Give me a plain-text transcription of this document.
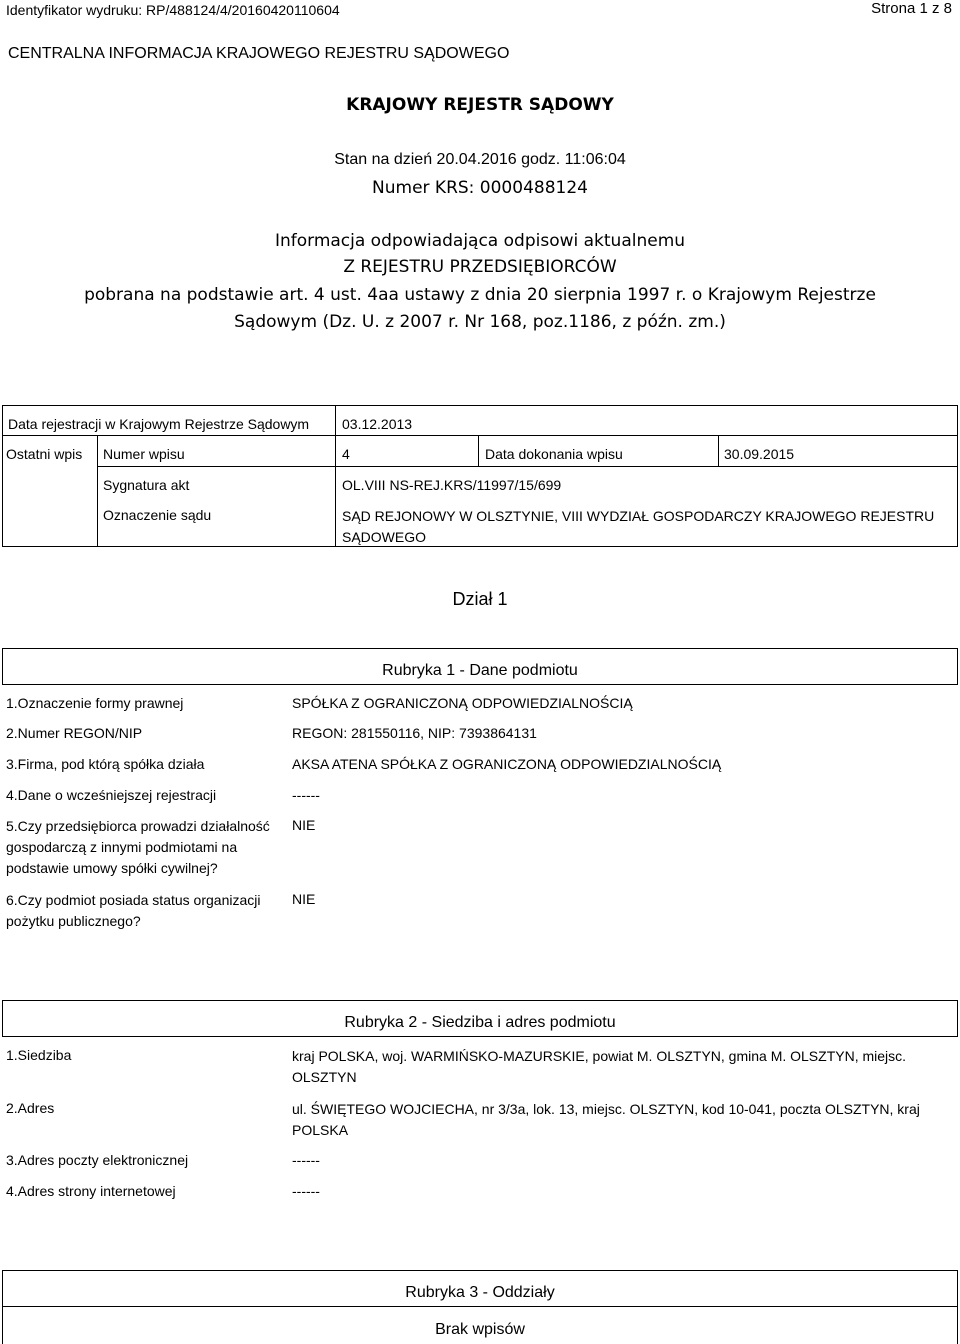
Identyfikator wydruku: RP/488124/4/20160420110604	Strona 1 z 8
CENTRALNA INFORMACJA KRAJOWEGO REJESTRU SĄDOWEGO
KRAJOWY REJESTR SĄDOWY
Stan na dzień 20.04.2016 godz. 11:06:04
Numer KRS: 0000488124
Informacja odpowiadająca odpisowi aktualnemu
Z REJESTRU PRZEDSIĘBIORCÓW
pobrana na podstawie art. 4 ust. 4aa ustawy z dnia 20 sierpnia 1997 r. o Krajowym Rejestrze
Sądowym (Dz. U. z 2007 r. Nr 168, poz.1186, z późn. zm.)
Data rejestracji w Krajowym Rejestrze Sądowym 03.12.2013
Ostatni wpis Numer wpisu	4	Data dokonania wpisu	30.09.2015
Sygnatura akt	OL.VIII NS-REJ.KRS/11997/15/699
Oznaczenie sądu	SĄD REJONOWY W OLSZTYNIE, VIII WYDZIAŁ GOSPODARCZY KRAJOWEGO REJESTRU SĄDOWEGO
Dział 1
Rubryka 1 - Dane podmiotu
1.Oznaczenie formy prawnej	SPÓŁKA Z OGRANICZONĄ ODPOWIEDZIALNOŚCIĄ
2.Numer REGON/NIP	REGON: 281550116, NIP: 7393864131
3.Firma, pod którą spółka działa	AKSA ATENA SPÓŁKA Z OGRANICZONĄ ODPOWIEDZIALNOŚCIĄ
4.Dane o wcześniejszej rejestracji	------
5.Czy przedsiębiorca prowadzi działalność gospodarczą z innymi podmiotami na podstawie umowy spółki cywilnej?
NIE
6.Czy podmiot posiada status organizacji pożytku publicznego?
NIE
Rubryka 2 - Siedziba i adres podmiotu
1.Siedziba	kraj POLSKA, woj. WARMIŃSKO-MAZURSKIE, powiat M. OLSZTYN, gmina M. OLSZTYN, miejsc. OLSZTYN
2.Adres	ul. ŚWIĘTEGO WOJCIECHA, nr 3/3a, lok. 13, miejsc. OLSZTYN, kod 10-041, poczta OLSZTYN, kraj POLSKA
3.Adres poczty elektronicznej	------
4.Adres strony internetowej	------
Rubryka 3 - Oddziały
Brak wpisów
